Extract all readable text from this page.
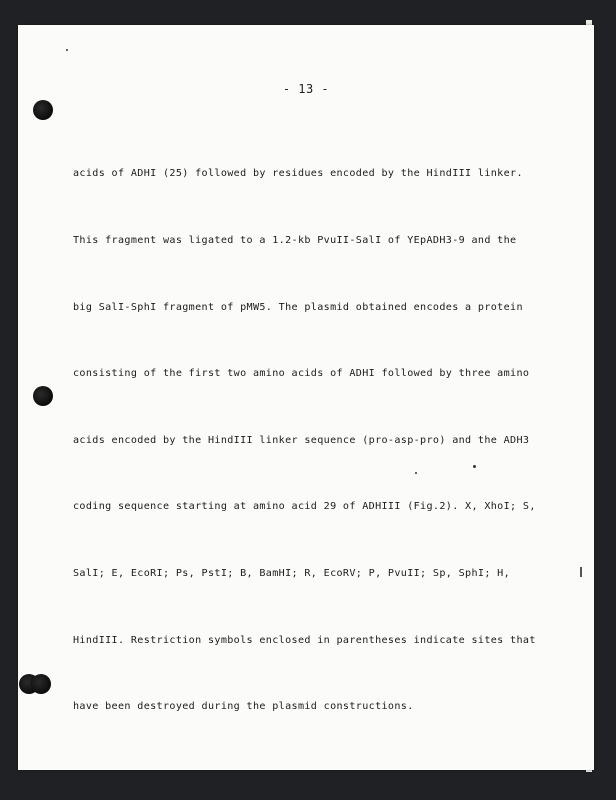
- 13 -

acids of ADHI (25) followed by residues encoded by the HindIII linker.

This fragment was ligated to a 1.2-kb PvuII-SalI of YEpADH3-9 and the

big SalI-SphI fragment of pMW5. The plasmid obtained encodes a protein

consisting of the first two amino acids of ADHI followed by three amino

acids encoded by the HindIII linker sequence (pro-asp-pro) and the ADH3

coding sequence starting at amino acid 29 of ADHIII (Fig.2). X, XhoI; S,

SalI; E, EcoRI; Ps, PstI; B, BamHI; R, EcoRV; P, PvuII; Sp, SphI; H,

HindIII. Restriction symbols enclosed in parentheses indicate sites that

have been destroyed during the plasmid constructions.
